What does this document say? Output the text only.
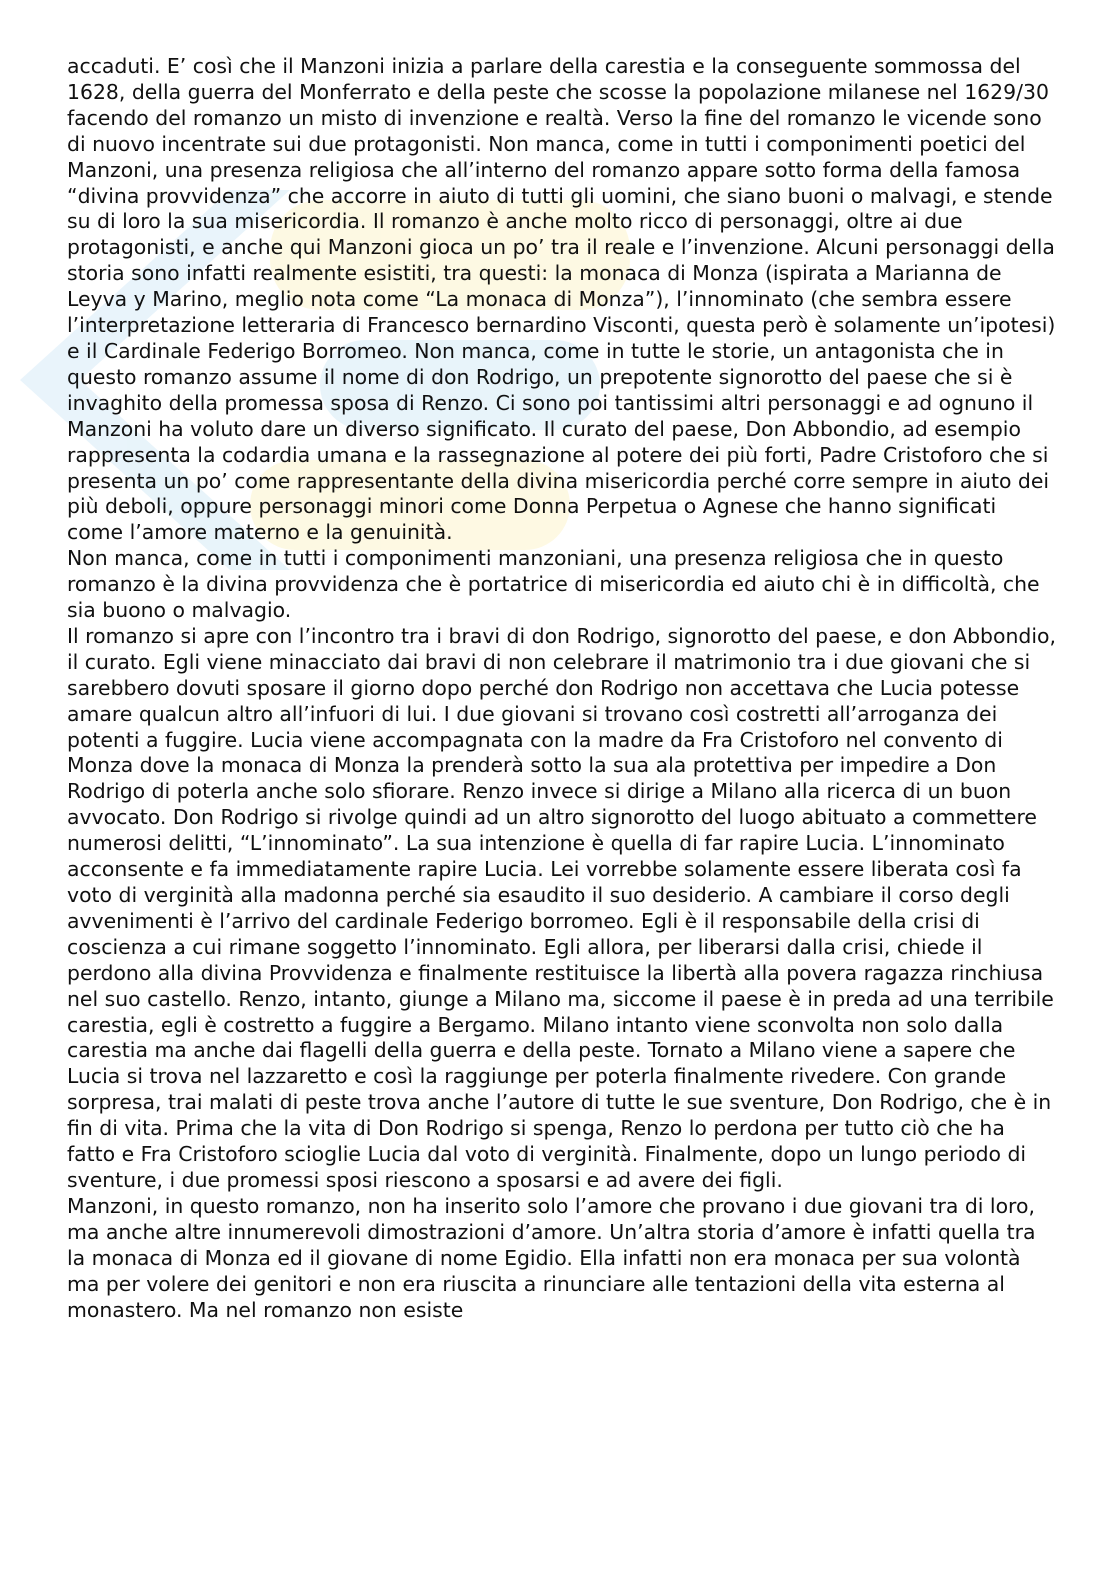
accaduti. E’ così che il Manzoni inizia a parlare della carestia e la conseguente sommossa del 1628, della guerra del Monferrato e della peste che scosse la popolazione milanese nel 1629/30 facendo del romanzo un misto di invenzione e realtà. Verso la fine del romanzo le vicende sono di nuovo incentrate sui due protagonisti. Non manca, come in tutti i componimenti poetici del Manzoni, una presenza religiosa che all’interno del romanzo appare sotto forma della famosa “divina provvidenza” che accorre in aiuto di tutti gli uomini, che siano buoni o malvagi, e stende su di loro la sua misericordia. Il romanzo è anche molto ricco di personaggi, oltre ai due protagonisti, e anche qui Manzoni gioca un po’ tra il reale e l’invenzione. Alcuni personaggi della storia sono infatti realmente esistiti, tra questi: la monaca di Monza (ispirata a Marianna de Leyva y Marino, meglio nota come “La monaca di Monza”), l’innominato (che sembra essere l’interpretazione letteraria di Francesco bernardino Visconti, questa però è solamente un’ipotesi) e il Cardinale Federigo Borromeo. Non manca, come in tutte le storie, un antagonista che in questo romanzo assume il nome di don Rodrigo, un prepotente signorotto del paese che si è invaghito della promessa sposa di Renzo. Ci sono poi tantissimi altri personaggi e ad ognuno il Manzoni ha voluto dare un diverso significato. Il curato del paese, Don Abbondio, ad esempio rappresenta la codardia umana e la rassegnazione al potere dei più forti, Padre Cristoforo che si presenta un po’ come rappresentante della divina misericordia perché corre sempre in aiuto dei più deboli, oppure personaggi minori come Donna Perpetua o Agnese che hanno significati come l’amore materno e la genuinità.

Non manca, come in tutti i componimenti manzoniani, una presenza religiosa che in questo romanzo è la divina provvidenza che è portatrice di misericordia ed aiuto chi è in difficoltà, che sia buono o malvagio.

Il romanzo si apre con l’incontro tra i bravi di don Rodrigo, signorotto del paese, e don Abbondio, il curato. Egli viene minacciato dai bravi di non celebrare il matrimonio tra i due giovani che si sarebbero dovuti sposare il giorno dopo perché don Rodrigo non accettava che Lucia potesse amare qualcun altro all’infuori di lui. I due giovani si trovano così costretti all’arroganza dei potenti a fuggire. Lucia viene accompagnata con la madre da Fra Cristoforo nel convento di Monza dove la monaca di Monza la prenderà sotto la sua ala protettiva per impedire a Don Rodrigo di poterla anche solo sfiorare. Renzo invece si dirige a Milano alla ricerca di un buon avvocato. Don Rodrigo si rivolge quindi ad un altro signorotto del luogo abituato a commettere numerosi delitti, “L’innominato”. La sua intenzione è quella di far rapire Lucia. L’innominato acconsente e fa immediatamente rapire Lucia. Lei vorrebbe solamente essere liberata così fa voto di verginità alla madonna perché sia esaudito il suo desiderio. A cambiare il corso degli avvenimenti è l’arrivo del cardinale Federigo borromeo. Egli è il responsabile della crisi di coscienza a cui rimane soggetto l’innominato. Egli allora, per liberarsi dalla crisi, chiede il perdono alla divina Provvidenza e finalmente restituisce la libertà alla povera ragazza rinchiusa nel suo castello. Renzo, intanto, giunge a Milano ma, siccome il paese è in preda ad una terribile carestia, egli è costretto a fuggire a Bergamo. Milano intanto viene sconvolta non solo dalla carestia ma anche dai flagelli della guerra e della peste. Tornato a Milano viene a sapere che Lucia si trova nel lazzaretto e così la raggiunge per poterla finalmente rivedere. Con grande sorpresa, trai malati di peste trova anche l’autore di tutte le sue sventure, Don Rodrigo, che è in fin di vita. Prima che la vita di Don Rodrigo si spenga, Renzo lo perdona per tutto ciò che ha fatto e Fra Cristoforo scioglie Lucia dal voto di verginità. Finalmente, dopo un lungo periodo di sventure, i due promessi sposi riescono a sposarsi e ad avere dei figli.

Manzoni, in questo romanzo, non ha inserito solo l’amore che provano i due giovani tra di loro, ma anche altre innumerevoli dimostrazioni d’amore. Un’altra storia d’amore è infatti quella tra la monaca di Monza ed il giovane di nome Egidio. Ella infatti non era monaca per sua volontà ma per volere dei genitori e non era riuscita a rinunciare alle tentazioni della vita esterna al monastero. Ma nel romanzo non esiste
